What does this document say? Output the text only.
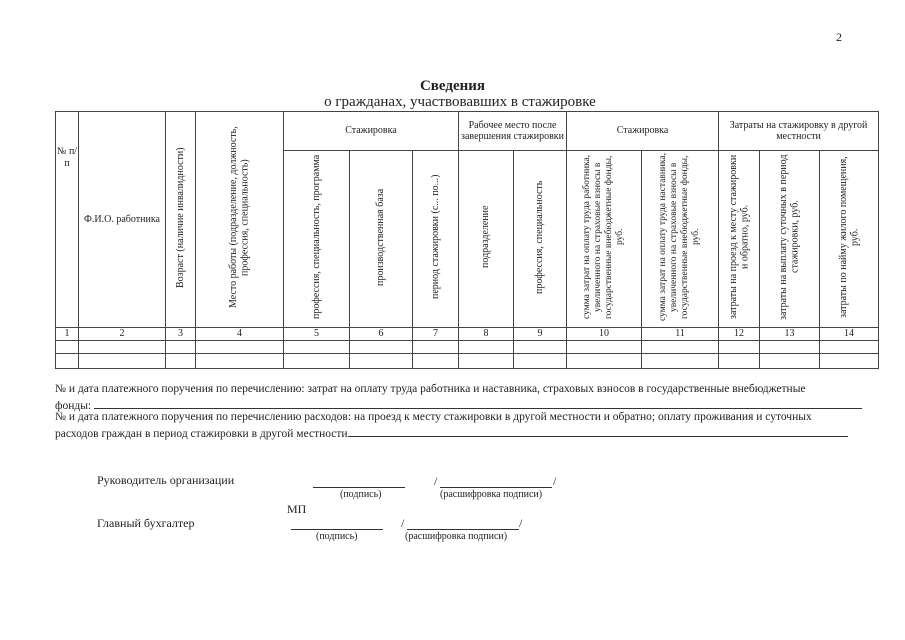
2
Сведения
о гражданах, участвовавших в стажировке
№ п/п	Ф.И.О. работника	Возраст (наличие инвалидности)	Место работы (подразделение, должность, профессия, специальность)	Стажировка			Рабочее место после завершения стажировки		Стажировка		Затраты на стажировку в другой местности		
				профессия, специальность, программа	производственная база	период стажировки (с... по...)	подразделение	профессия, специальность	сумма затрат на оплату труда работника, увеличенного на страховые взносы в государственные внебюджетные фонды, руб.	сумма затрат на оплату труда наставника, увеличенного на страховые взносы в государственные внебюджетные фонды, руб.	затраты на проезд к месту стажировки и обратно, руб.	затраты на выплату суточных в период стажировки, руб.	затраты по найму жилого помещения, руб.
1	2	3	4	5	6	7	8	9	10	11	12	13	14

№ и дата платежного поручения по перечислению: затрат на оплату труда работника и наставника, страховых взносов в государственные внебюджетные
фонды:
№ и дата платежного поручения по перечислению расходов: на проезд к месту стажировки в другой местности и обратно; оплату проживания и суточных
расходов граждан в период стажировки в другой местности
Руководитель организации
(подпись)
/	/
(расшифровка подписи)
МП
Главный бухгалтер
(подпись)
/	/
(расшифровка подписи)
